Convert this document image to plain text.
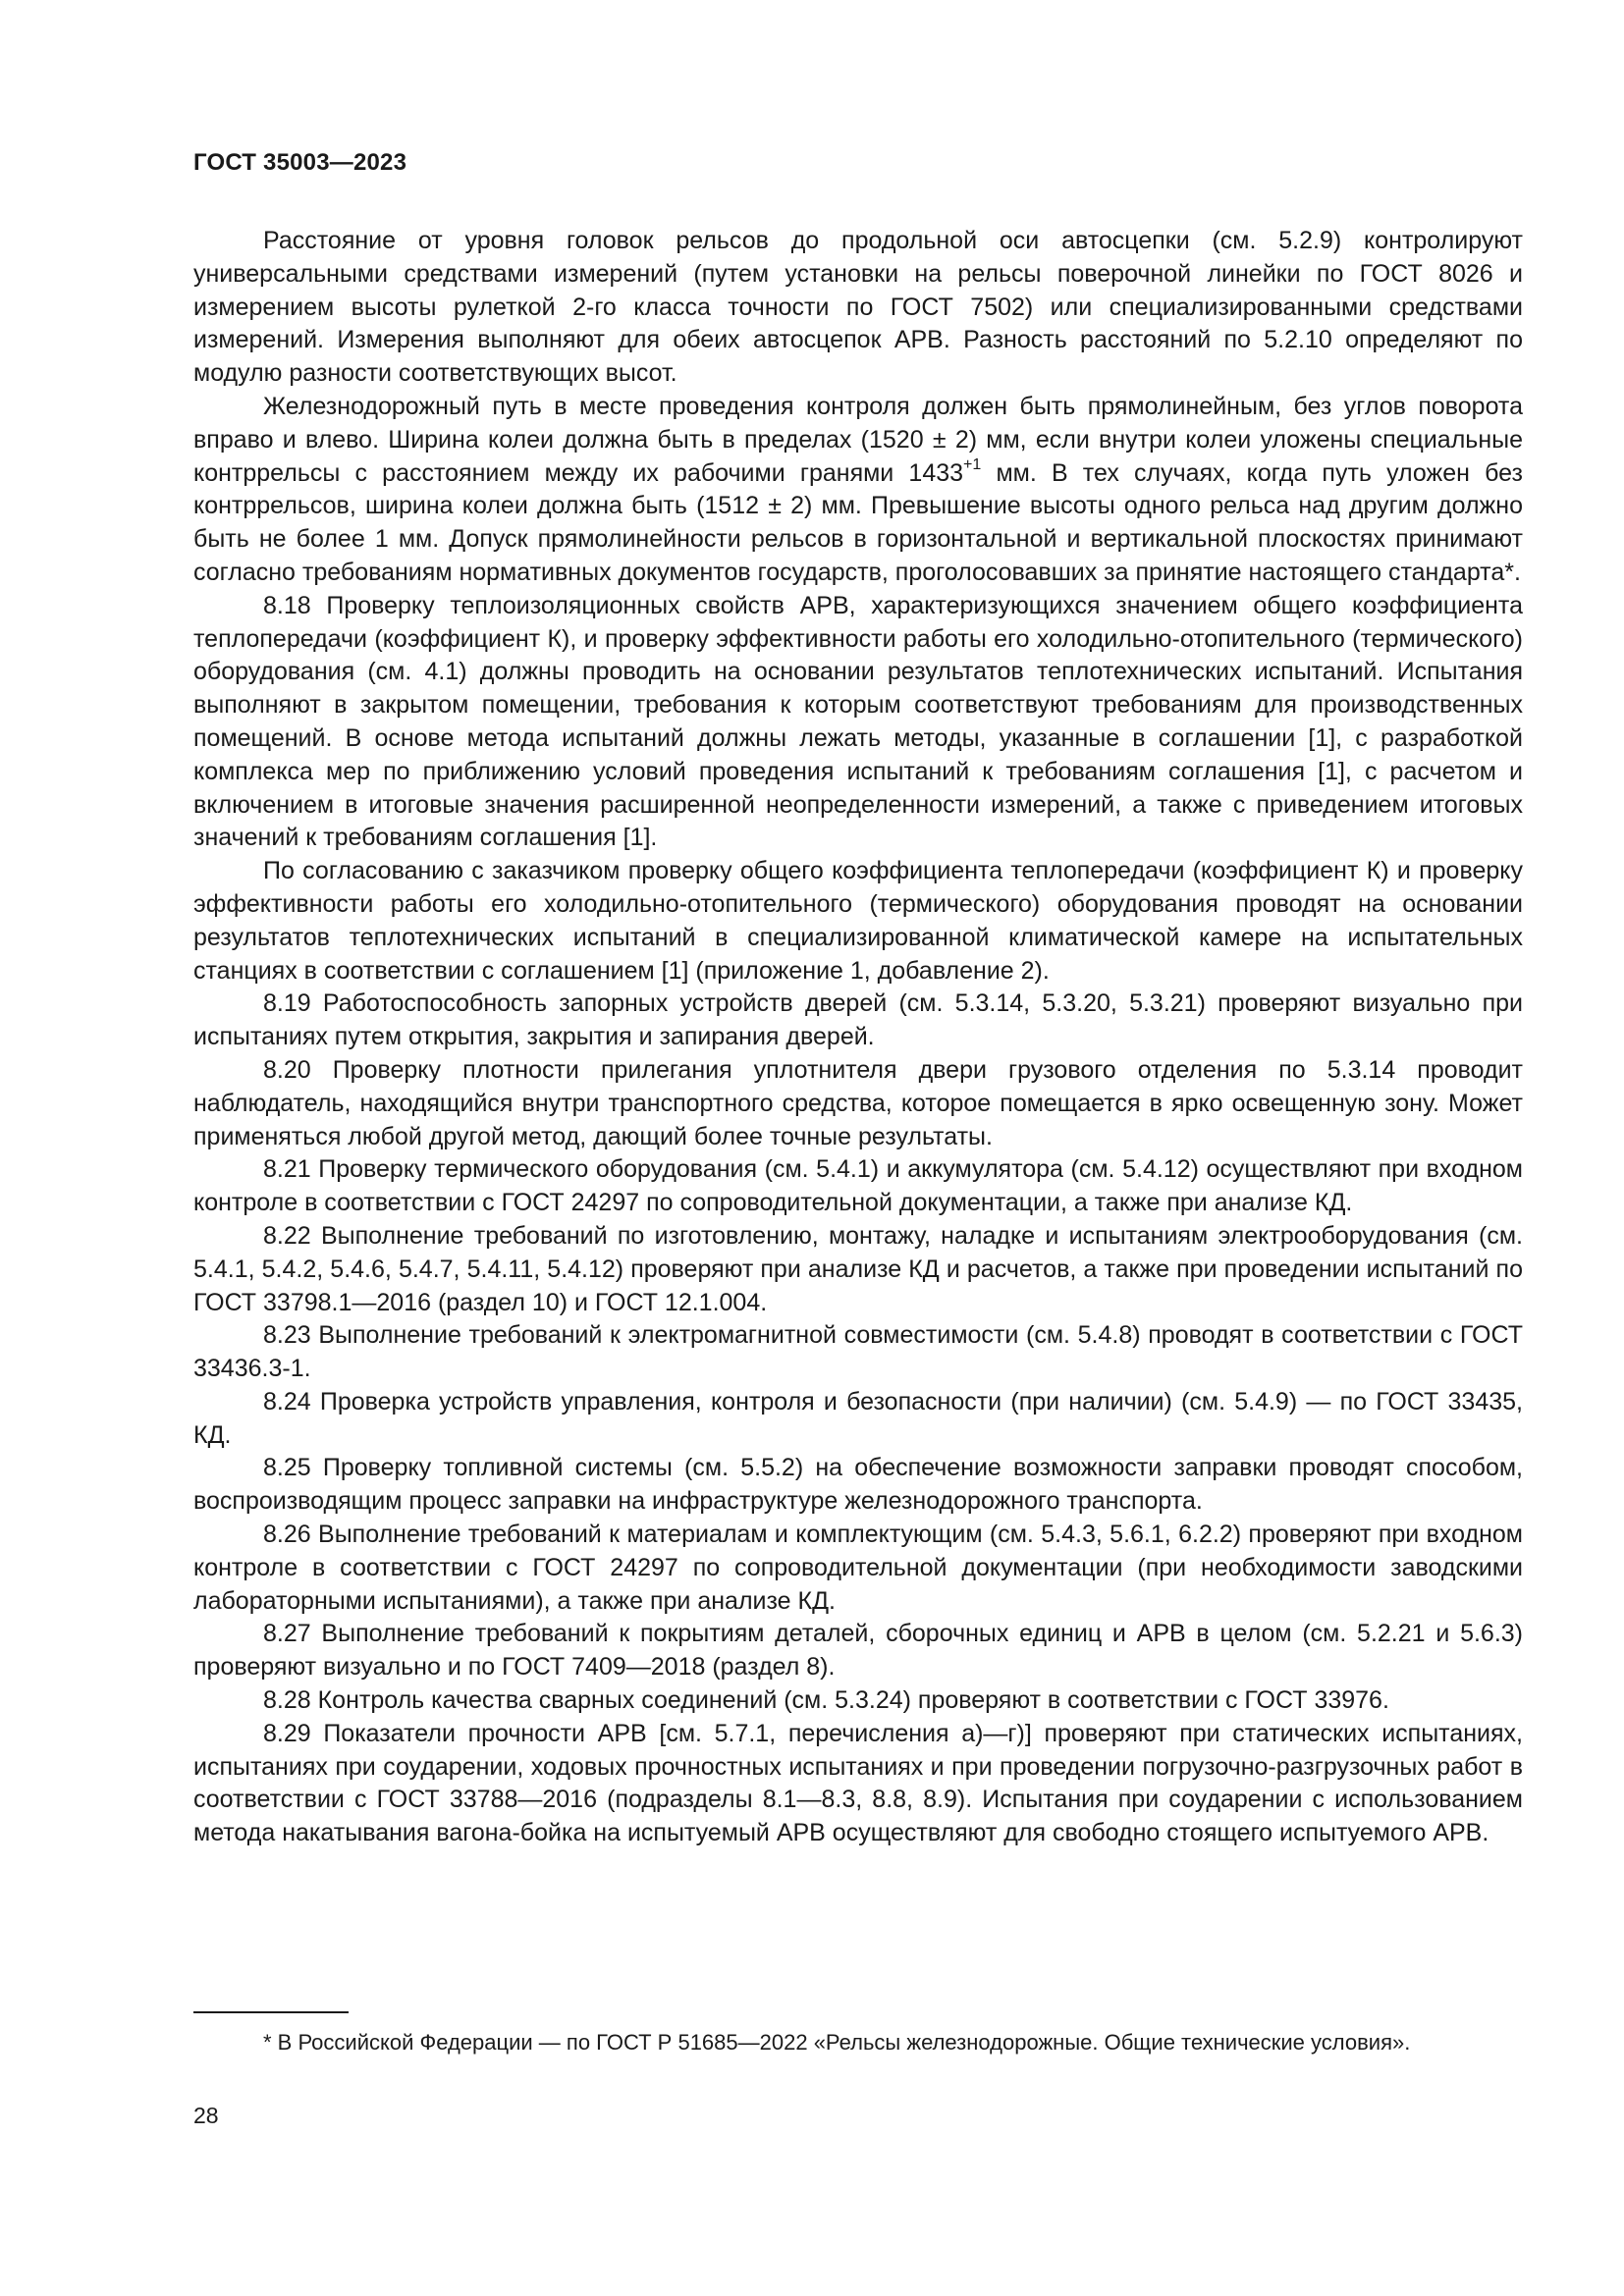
ГОСТ 35003—2023

Расстояние от уровня головок рельсов до продольной оси автосцепки (см. 5.2.9) контролируют универсальными средствами измерений (путем установки на рельсы поверочной линейки по ГОСТ 8026 и измерением высоты рулеткой 2-го класса точности по ГОСТ 7502) или специализированными средствами измерений. Измерения выполняют для обеих автосцепок АРВ. Разность расстояний по 5.2.10 определяют по модулю разности соответствующих высот.

Железнодорожный путь в месте проведения контроля должен быть прямолинейным, без углов поворота вправо и влево. Ширина колеи должна быть в пределах (1520 ± 2) мм, если внутри колеи уложены специальные контррельсы с расстоянием между их рабочими гранями $1433^{+1}$ мм. В тех случаях, когда путь уложен без контррельсов, ширина колеи должна быть (1512 ± 2) мм. Превышение высоты одного рельса над другим должно быть не более 1 мм. Допуск прямолинейности рельсов в горизонтальной и вертикальной плоскостях принимают согласно требованиям нормативных документов государств, проголосовавших за принятие настоящего стандарта*.

8.18 Проверку теплоизоляционных свойств АРВ, характеризующихся значением общего коэффициента теплопередачи (коэффициент К), и проверку эффективности работы его холодильно-отопительного (термического) оборудования (см. 4.1) должны проводить на основании результатов теплотехнических испытаний. Испытания выполняют в закрытом помещении, требования к которым соответствуют требованиям для производственных помещений. В основе метода испытаний должны лежать методы, указанные в соглашении [1], с разработкой комплекса мер по приближению условий проведения испытаний к требованиям соглашения [1], с расчетом и включением в итоговые значения расширенной неопределенности измерений, а также с приведением итоговых значений к требованиям соглашения [1].

По согласованию с заказчиком проверку общего коэффициента теплопередачи (коэффициент К) и проверку эффективности работы его холодильно-отопительного (термического) оборудования проводят на основании результатов теплотехнических испытаний в специализированной климатической камере на испытательных станциях в соответствии с соглашением [1] (приложение 1, добавление 2).

8.19 Работоспособность запорных устройств дверей (см. 5.3.14, 5.3.20, 5.3.21) проверяют визуально при испытаниях путем открытия, закрытия и запирания дверей.

8.20 Проверку плотности прилегания уплотнителя двери грузового отделения по 5.3.14 проводит наблюдатель, находящийся внутри транспортного средства, которое помещается в ярко освещенную зону. Может применяться любой другой метод, дающий более точные результаты.

8.21 Проверку термического оборудования (см. 5.4.1) и аккумулятора (см. 5.4.12) осуществляют при входном контроле в соответствии с ГОСТ 24297 по сопроводительной документации, а также при анализе КД.

8.22 Выполнение требований по изготовлению, монтажу, наладке и испытаниям электрооборудования (см. 5.4.1, 5.4.2, 5.4.6, 5.4.7, 5.4.11, 5.4.12) проверяют при анализе КД и расчетов, а также при проведении испытаний по ГОСТ 33798.1—2016 (раздел 10) и ГОСТ 12.1.004.

8.23 Выполнение требований к электромагнитной совместимости (см. 5.4.8) проводят в соответствии с ГОСТ 33436.3-1.

8.24 Проверка устройств управления, контроля и безопасности (при наличии) (см. 5.4.9) — по ГОСТ 33435, КД.

8.25 Проверку топливной системы (см. 5.5.2) на обеспечение возможности заправки проводят способом, воспроизводящим процесс заправки на инфраструктуре железнодорожного транспорта.

8.26 Выполнение требований к материалам и комплектующим (см. 5.4.3, 5.6.1, 6.2.2) проверяют при входном контроле в соответствии с ГОСТ 24297 по сопроводительной документации (при необходимости заводскими лабораторными испытаниями), а также при анализе КД.

8.27 Выполнение требований к покрытиям деталей, сборочных единиц и АРВ в целом (см. 5.2.21 и 5.6.3) проверяют визуально и по ГОСТ 7409—2018 (раздел 8).

8.28 Контроль качества сварных соединений (см. 5.3.24) проверяют в соответствии с ГОСТ 33976.

8.29 Показатели прочности АРВ [см. 5.7.1, перечисления а)—г)] проверяют при статических испытаниях, испытаниях при соударении, ходовых прочностных испытаниях и при проведении погрузочно-разгрузочных работ в соответствии с ГОСТ 33788—2016 (подразделы 8.1—8.3, 8.8, 8.9). Испытания при соударении с использованием метода накатывания вагона-бойка на испытуемый АРВ осуществляют для свободно стоящего испытуемого АРВ.

* В Российской Федерации — по ГОСТ Р 51685—2022 «Рельсы железнодорожные. Общие технические условия».

28
